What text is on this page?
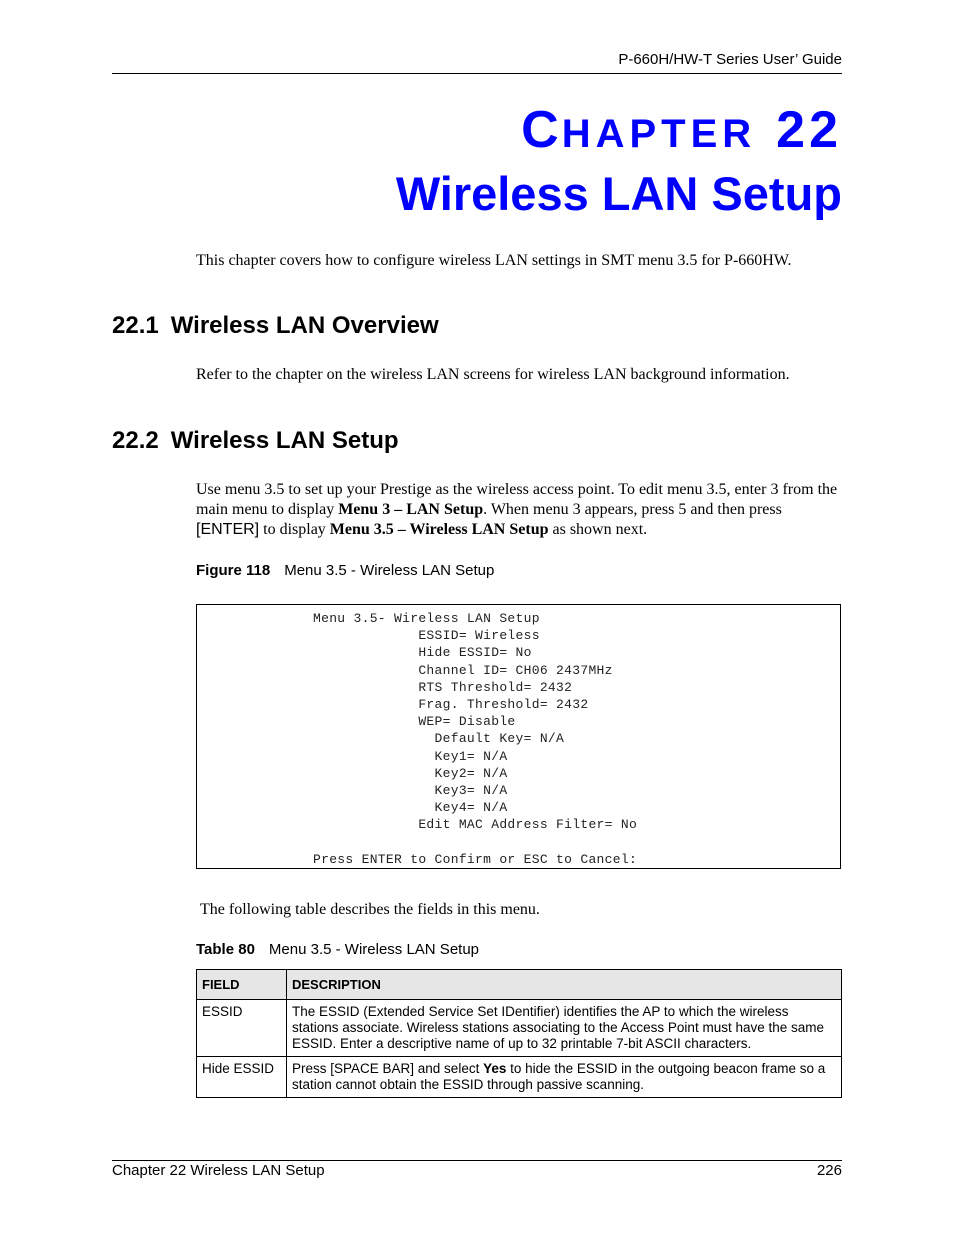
P-660H/HW-T Series User’ Guide
CHAPTER 22
Wireless LAN Setup

This chapter covers how to configure wireless LAN settings in SMT menu 3.5 for P-660HW.

22.1 Wireless LAN Overview

Refer to the chapter on the wireless LAN screens for wireless LAN background information.

22.2 Wireless LAN Setup

Use menu 3.5 to set up your Prestige as the wireless access point. To edit menu 3.5, enter 3 from the main menu to display Menu 3 – LAN Setup. When menu 3 appears, press 5 and then press [ENTER] to display Menu 3.5 – Wireless LAN Setup as shown next.

Figure 118 Menu 3.5 - Wireless LAN Setup
Menu 3.5- Wireless LAN Setup
ESSID= Wireless
Hide ESSID= No
Channel ID= CH06 2437MHz
RTS Threshold= 2432
Frag. Threshold= 2432
WEP= Disable
Default Key= N/A
Key1= N/A
Key2= N/A
Key3= N/A
Key4= N/A
Edit MAC Address Filter= No

Press ENTER to Confirm or ESC to Cancel:

The following table describes the fields in this menu.

Table 80 Menu 3.5 - Wireless LAN Setup
FIELD	DESCRIPTION
ESSID	The ESSID (Extended Service Set IDentifier) identifies the AP to which the wireless stations associate. Wireless stations associating to the Access Point must have the same ESSID. Enter a descriptive name of up to 32 printable 7-bit ASCII characters.
Hide ESSID	Press [SPACE BAR] and select Yes to hide the ESSID in the outgoing beacon frame so a station cannot obtain the ESSID through passive scanning.
Chapter 22 Wireless LAN Setup	226
